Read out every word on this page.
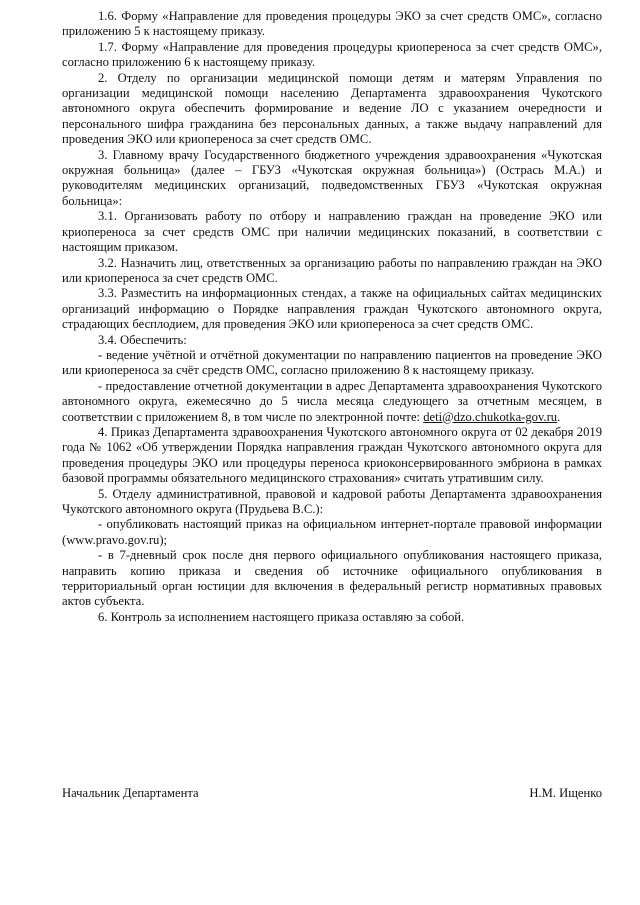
1.6. Форму «Направление для проведения процедуры ЭКО за счет средств ОМС», согласно приложению 5 к настоящему приказу.

1.7. Форму «Направление для проведения процедуры криопереноса за счет средств ОМС», согласно приложению 6 к настоящему приказу.

2. Отделу по организации медицинской помощи детям и матерям Управления по организации медицинской помощи населению Департамента здравоохранения Чукотского автономного округа обеспечить формирование и ведение ЛО с указанием очередности и персонального шифра гражданина без персональных данных, а также выдачу направлений для проведения ЭКО или криопереноса за счет средств ОМС.

3. Главному врачу Государственного бюджетного учреждения здравоохранения «Чукотская окружная больница» (далее – ГБУЗ «Чукотская окружная больница») (Острась М.А.) и руководителям медицинских организаций, подведомственных ГБУЗ «Чукотская окружная больница»:

3.1. Организовать работу по отбору и направлению граждан на проведение ЭКО или криопереноса за счет средств ОМС при наличии медицинских показаний, в соответствии с настоящим приказом.

3.2. Назначить лиц, ответственных за организацию работы по направлению граждан на ЭКО или криопереноса за счет средств ОМС.

3.3. Разместить на информационных стендах, а также на официальных сайтах медицинских организаций информацию о Порядке направления граждан Чукотского автономного округа, страдающих бесплодием, для проведения ЭКО или криопереноса за счет средств ОМС.

3.4. Обеспечить:

- ведение учётной и отчётной документации по направлению пациентов на проведение ЭКО или криопереноса за счёт средств ОМС, согласно приложению 8 к настоящему приказу.

- предоставление отчетной документации в адрес Департамента здравоохранения Чукотского автономного округа, ежемесячно до 5 числа месяца следующего за отчетным месяцем, в соответствии с приложением 8, в том числе по электронной почте: deti@dzo.chukotka-gov.ru.

4. Приказ Департамента здравоохранения Чукотского автономного округа от 02 декабря 2019 года № 1062 «Об утверждении Порядка направления граждан Чукотского автономного округа для проведения процедуры ЭКО или процедуры переноса криоконсервированного эмбриона в рамках базовой программы обязательного медицинского страхования» считать утратившим силу.

5. Отделу административной, правовой и кадровой работы Департамента здравоохранения Чукотского автономного округа (Прудьева В.С.):

- опубликовать настоящий приказ на официальном интернет-портале правовой информации (www.pravo.gov.ru);

- в 7-дневный срок после дня первого официального опубликования настоящего приказа, направить копию приказа и сведения об источнике официального опубликования в территориальный орган юстиции для включения в федеральный регистр нормативных правовых актов субъекта.

6. Контроль за исполнением настоящего приказа оставляю за собой.

Начальник Департамента	Н.М. Ищенко
